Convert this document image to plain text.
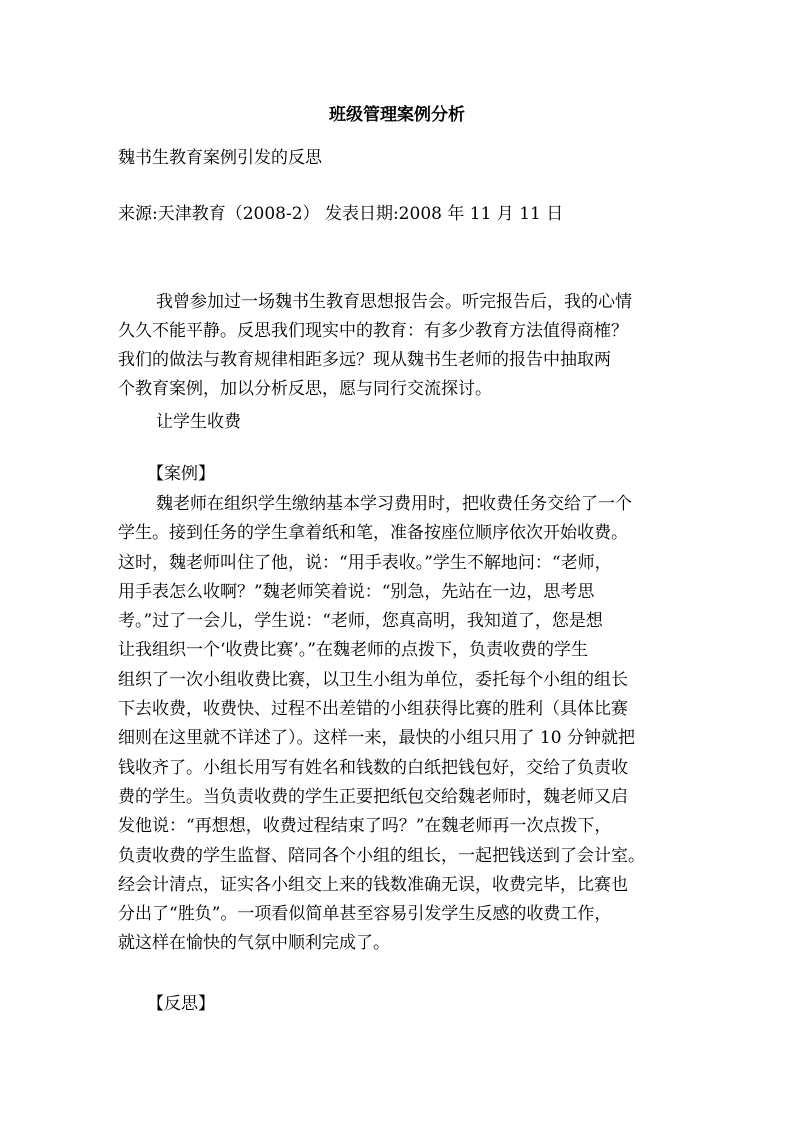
班级管理案例分析
魏书生教育案例引发的反思
来源:天津教育（2008-2） 发表日期:2008 年 11 月 11 日
我曾参加过一场魏书生教育思想报告会。听完报告后，我的心情
久久不能平静。反思我们现实中的教育：有多少教育方法值得商榷？
我们的做法与教育规律相距多远？现从魏书生老师的报告中抽取两
个教育案例，加以分析反思，愿与同行交流探讨。
让学生收费
【案例】
魏老师在组织学生缴纳基本学习费用时，把收费任务交给了一个
学生。接到任务的学生拿着纸和笔，准备按座位顺序依次开始收费。
这时，魏老师叫住了他，说：“用手表收。”学生不解地问：“老师，
用手表怎么收啊？”魏老师笑着说：“别急，先站在一边，思考思
考。”过了一会儿，学生说：“老师，您真高明，我知道了，您是想
让我组织一个‘收费比赛’。”在魏老师的点拨下，负责收费的学生
组织了一次小组收费比赛，以卫生小组为单位，委托每个小组的组长
下去收费，收费快、过程不出差错的小组获得比赛的胜利（具体比赛
细则在这里就不详述了）。这样一来，最快的小组只用了 10 分钟就把
钱收齐了。小组长用写有姓名和钱数的白纸把钱包好，交给了负责收
费的学生。当负责收费的学生正要把纸包交给魏老师时，魏老师又启
发他说：“再想想，收费过程结束了吗？”在魏老师再一次点拨下，
负责收费的学生监督、陪同各个小组的组长，一起把钱送到了会计室。
经会计清点，证实各小组交上来的钱数准确无误，收费完毕，比赛也
分出了“胜负”。一项看似简单甚至容易引发学生反感的收费工作，
就这样在愉快的气氛中顺利完成了。
【反思】
